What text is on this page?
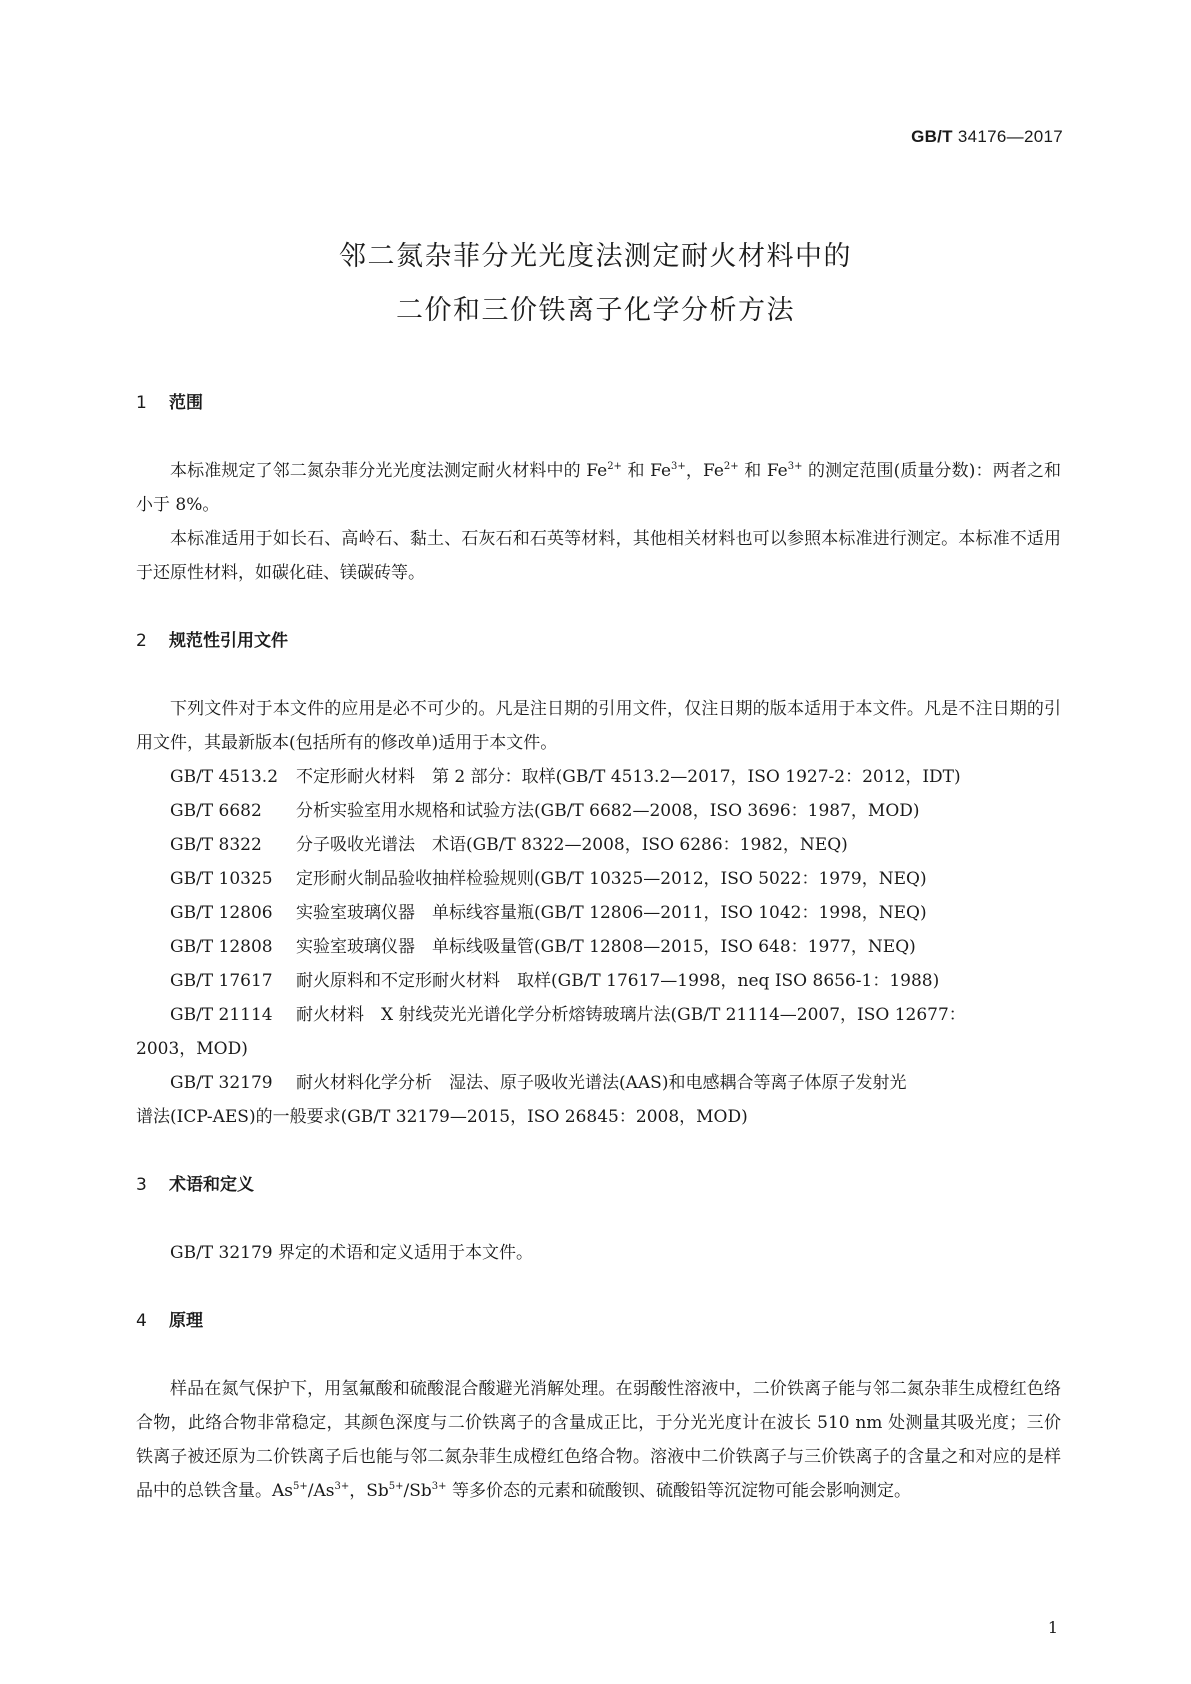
GB/T 34176—2017
邻二氮杂菲分光光度法测定耐火材料中的
二价和三价铁离子化学分析方法
1 范围

本标准规定了邻二氮杂菲分光光度法测定耐火材料中的 $Fe^{2+}$ 和 $Fe^{3+}$，$Fe^{2+}$ 和 $Fe^{3+}$ 的测定范围(质量分数)：两者之和小于 8%。

本标准适用于如长石、高岭石、黏土、石灰石和石英等材料，其他相关材料也可以参照本标准进行测定。本标准不适用于还原性材料，如碳化硅、镁碳砖等。

2 规范性引用文件

下列文件对于本文件的应用是必不可少的。凡是注日期的引用文件，仅注日期的版本适用于本文件。凡是不注日期的引用文件，其最新版本(包括所有的修改单)适用于本文件。

GB/T 4513.2 不定形耐火材料　第 2 部分：取样(GB/T 4513.2—2017，ISO 1927-2：2012，IDT)

GB/T 6682 分析实验室用水规格和试验方法(GB/T 6682—2008，ISO 3696：1987，MOD)

GB/T 8322 分子吸收光谱法　术语(GB/T 8322—2008，ISO 6286：1982，NEQ)

GB/T 10325 定形耐火制品验收抽样检验规则(GB/T 10325—2012，ISO 5022：1979，NEQ)

GB/T 12806 实验室玻璃仪器　单标线容量瓶(GB/T 12806—2011，ISO 1042：1998，NEQ)

GB/T 12808 实验室玻璃仪器　单标线吸量管(GB/T 12808—2015，ISO 648：1977，NEQ)

GB/T 17617 耐火原料和不定形耐火材料　取样(GB/T 17617—1998，neq ISO 8656-1：1988)

GB/T 21114 耐火材料　X 射线荧光光谱化学分析熔铸玻璃片法(GB/T 21114—2007，ISO 12677：

2003，MOD)

GB/T 32179 耐火材料化学分析　湿法、原子吸收光谱法(AAS)和电感耦合等离子体原子发射光

谱法(ICP-AES)的一般要求(GB/T 32179—2015，ISO 26845：2008，MOD)

3 术语和定义

GB/T 32179 界定的术语和定义适用于本文件。

4 原理

样品在氮气保护下，用氢氟酸和硫酸混合酸避光消解处理。在弱酸性溶液中，二价铁离子能与邻二氮杂菲生成橙红色络合物，此络合物非常稳定，其颜色深度与二价铁离子的含量成正比，于分光光度计在波长 510 nm 处测量其吸光度；三价铁离子被还原为二价铁离子后也能与邻二氮杂菲生成橙红色络合物。溶液中二价铁离子与三价铁离子的含量之和对应的是样品中的总铁含量。$As^{5+}/As^{3+}$，$Sb^{5+}/Sb^{3+}$ 等多价态的元素和硫酸钡、硫酸铅等沉淀物可能会影响测定。

1
